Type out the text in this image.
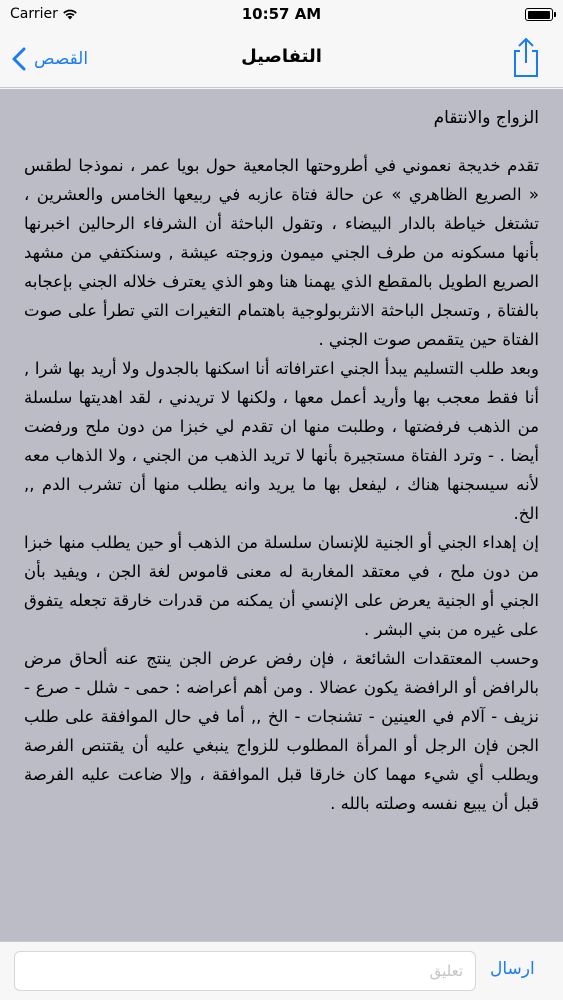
Carrier	10:57 AM
القصص	التفاصيل
الزواج والانتقام
تقدم خديجة نعموني في أطروحتها الجامعية حول بويا عمر ، نموذجا لطقس « الصريع الظاهري » عن حالة فتاة عازبه في ربيعها الخامس والعشرين ، تشتغل خياطة بالدار البيضاء ، وتقول الباحثة أن الشرفاء الرحالين اخبرنها بأنها مسكونه من طرف الجني ميمون وزوجته عيشة , وسنكتفي من مشهد الصريع الطويل بالمقطع الذي يهمنا هنا وهو الذي يعترف خلاله الجني بإعجابه بالفتاة , وتسجل الباحثة الانثربولوجية باهتمام التغيرات التي تطرأ على صوت الفتاة حين يتقمص صوت الجني .
وبعد طلب التسليم يبدأ الجني اعترافاته أنا اسكنها بالجدول ولا أريد بها شرا , أنا فقط معجب بها وأريد أعمل معها ، ولكنها لا تريدني ، لقد اهديتها سلسلة من الذهب فرفضتها ، وطلبت منها ان تقدم لي خبزا من دون ملح ورفضت أيضا . - وترد الفتاة مستجيرة بأنها لا تريد الذهب من الجني ، ولا الذهاب معه لأنه سيسجنها هناك ، ليفعل بها ما يريد وانه يطلب منها أن تشرب الدم ,, الخ.
إن إهداء الجني أو الجنية للإنسان سلسلة من الذهب أو حين يطلب منها خبزا من دون ملح ، في معتقد المغاربة له معنى قاموس لغة الجن ، ويفيد بأن الجني أو الجنية يعرض على الإنسي أن يمكنه من قدرات خارقة تجعله يتفوق على غيره من بني البشر .
وحسب المعتقدات الشائعة ، فإن رفض عرض الجن ينتج عنه ألحاق مرض بالرافض أو الرافضة يكون عضالا . ومن أهم أعراضه : حمى - شلل - صرع - نزيف - آلام في العينين - تشنجات - الخ ,, أما في حال الموافقة على طلب الجن فإن الرجل أو المرأة المطلوب للزواج ينبغي عليه أن يقتنص الفرصة ويطلب أي شيء مهما كان خارقا قبل الموافقة ، وإلا ضاعت عليه الفرصة قبل أن يبيع نفسه وصلته بالله .
تعليق
ارسال
